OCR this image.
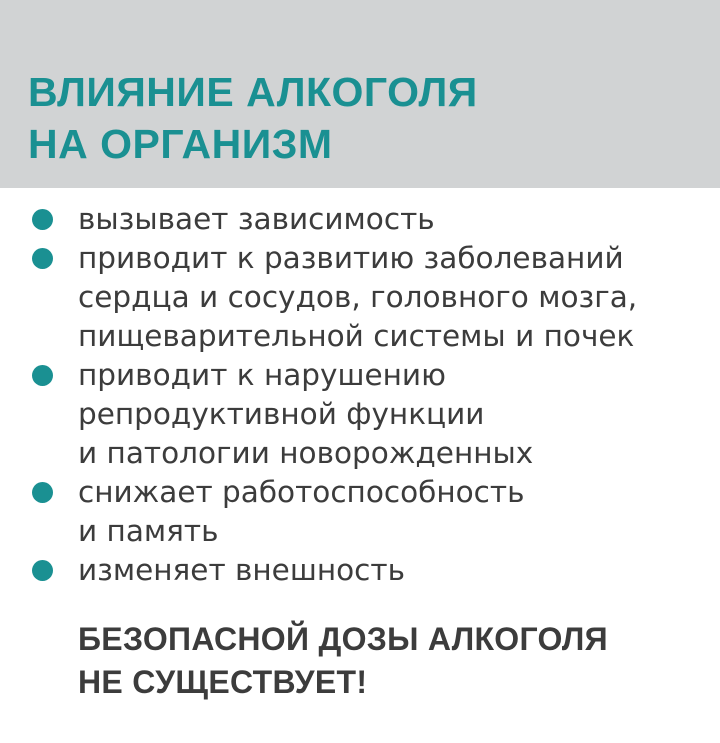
ВЛИЯНИЕ АЛКОГОЛЯ
НА ОРГАНИЗМ
вызывает зависимость
приводит к развитию заболеваний
сердца и сосудов, головного мозга,
пищеварительной системы и почек
приводит к нарушению
репродуктивной функции
и патологии новорожденных
снижает работоспособность
и память
изменяет внешность

БЕЗОПАСНОЙ ДОЗЫ АЛКОГОЛЯ
НЕ СУЩЕСТВУЕТ!
